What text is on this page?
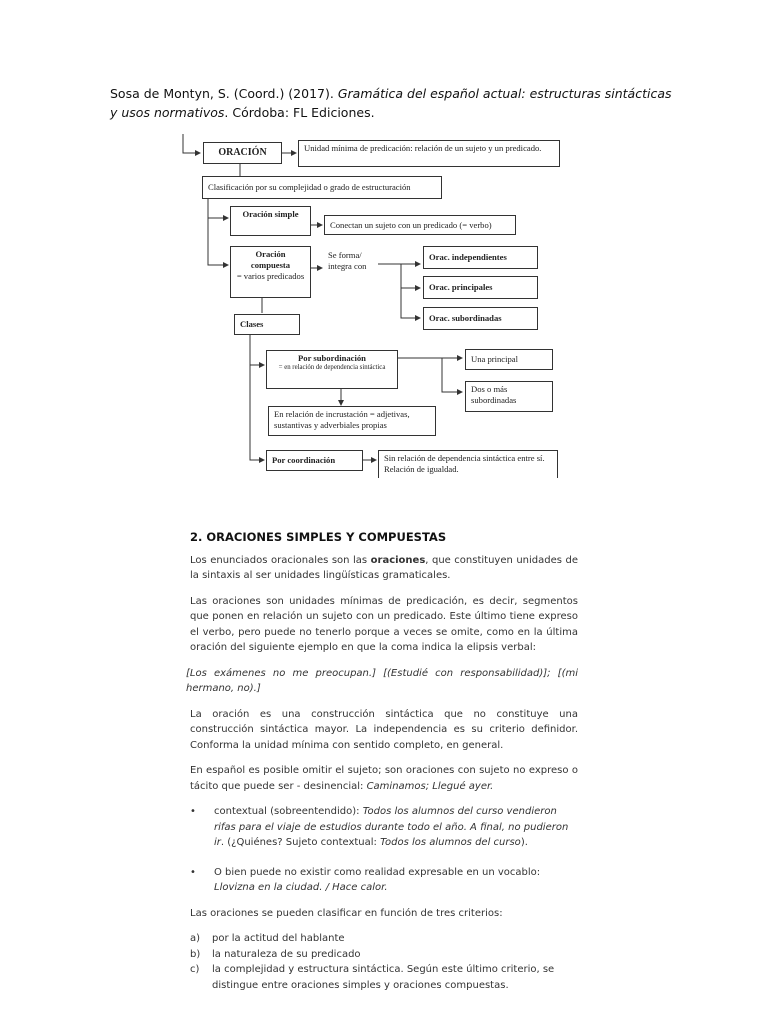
Sosa de Montyn, S. (Coord.) (2017). Gramática del español actual: estructuras sintácticas y usos normativos. Córdoba: FL Ediciones.
ORACIÓN	Unidad mínima de predicación: relación de un sujeto y un predicado.
Clasificación por su complejidad o grado de estructuración
Oración simple
Conectan un sujeto con un predicado (= verbo)
Oración compuesta
= varios predicados
Se forma/ integra con
Orac. independientes
Orac. principales
Orac. subordinadas
Clases
Por subordinación
= en relación de dependencia sintáctica
Una principal
Dos o más subordinadas
En relación de incrustación = adjetivas, sustantivas y adverbiales propias
Por coordinación	Sin relación de dependencia sintáctica entre sí. Relación de igualdad.
2. ORACIONES SIMPLES Y COMPUESTAS

Los enunciados oracionales son las oraciones, que constituyen unidades de la sintaxis al ser unidades lingüísticas gramaticales.

Las oraciones son unidades mínimas de predicación, es decir, segmentos que ponen en relación un sujeto con un predicado. Este último tiene expreso el verbo, pero puede no tenerlo porque a veces se omite, como en la última oración del siguiente ejemplo en que la coma indica la elipsis verbal:

[Los exámenes no me preocupan.] [(Estudié con responsabilidad)]; [(mi hermano, no).]

La oración es una construcción sintáctica que no constituye una construcción sintáctica mayor. La independencia es su criterio definidor. Conforma la unidad mínima con sentido completo, en general.

En español es posible omitir el sujeto; son oraciones con sujeto no expreso o tácito que puede ser - desinencial: Caminamos; Llegué ayer.

• contextual (sobreentendido): Todos los alumnos del curso vendieron rifas para el viaje de estudios durante todo el año. A final, no pudieron ir. (¿Quiénes? Sujeto contextual: Todos los alumnos del curso).
• O bien puede no existir como realidad expresable en un vocablo: Llovizna en la ciudad. / Hace calor.

Las oraciones se pueden clasificar en función de tres criterios:

a) por la actitud del hablante
b) la naturaleza de su predicado
c) la complejidad y estructura sintáctica. Según este último criterio, se distingue entre oraciones simples y oraciones compuestas.
